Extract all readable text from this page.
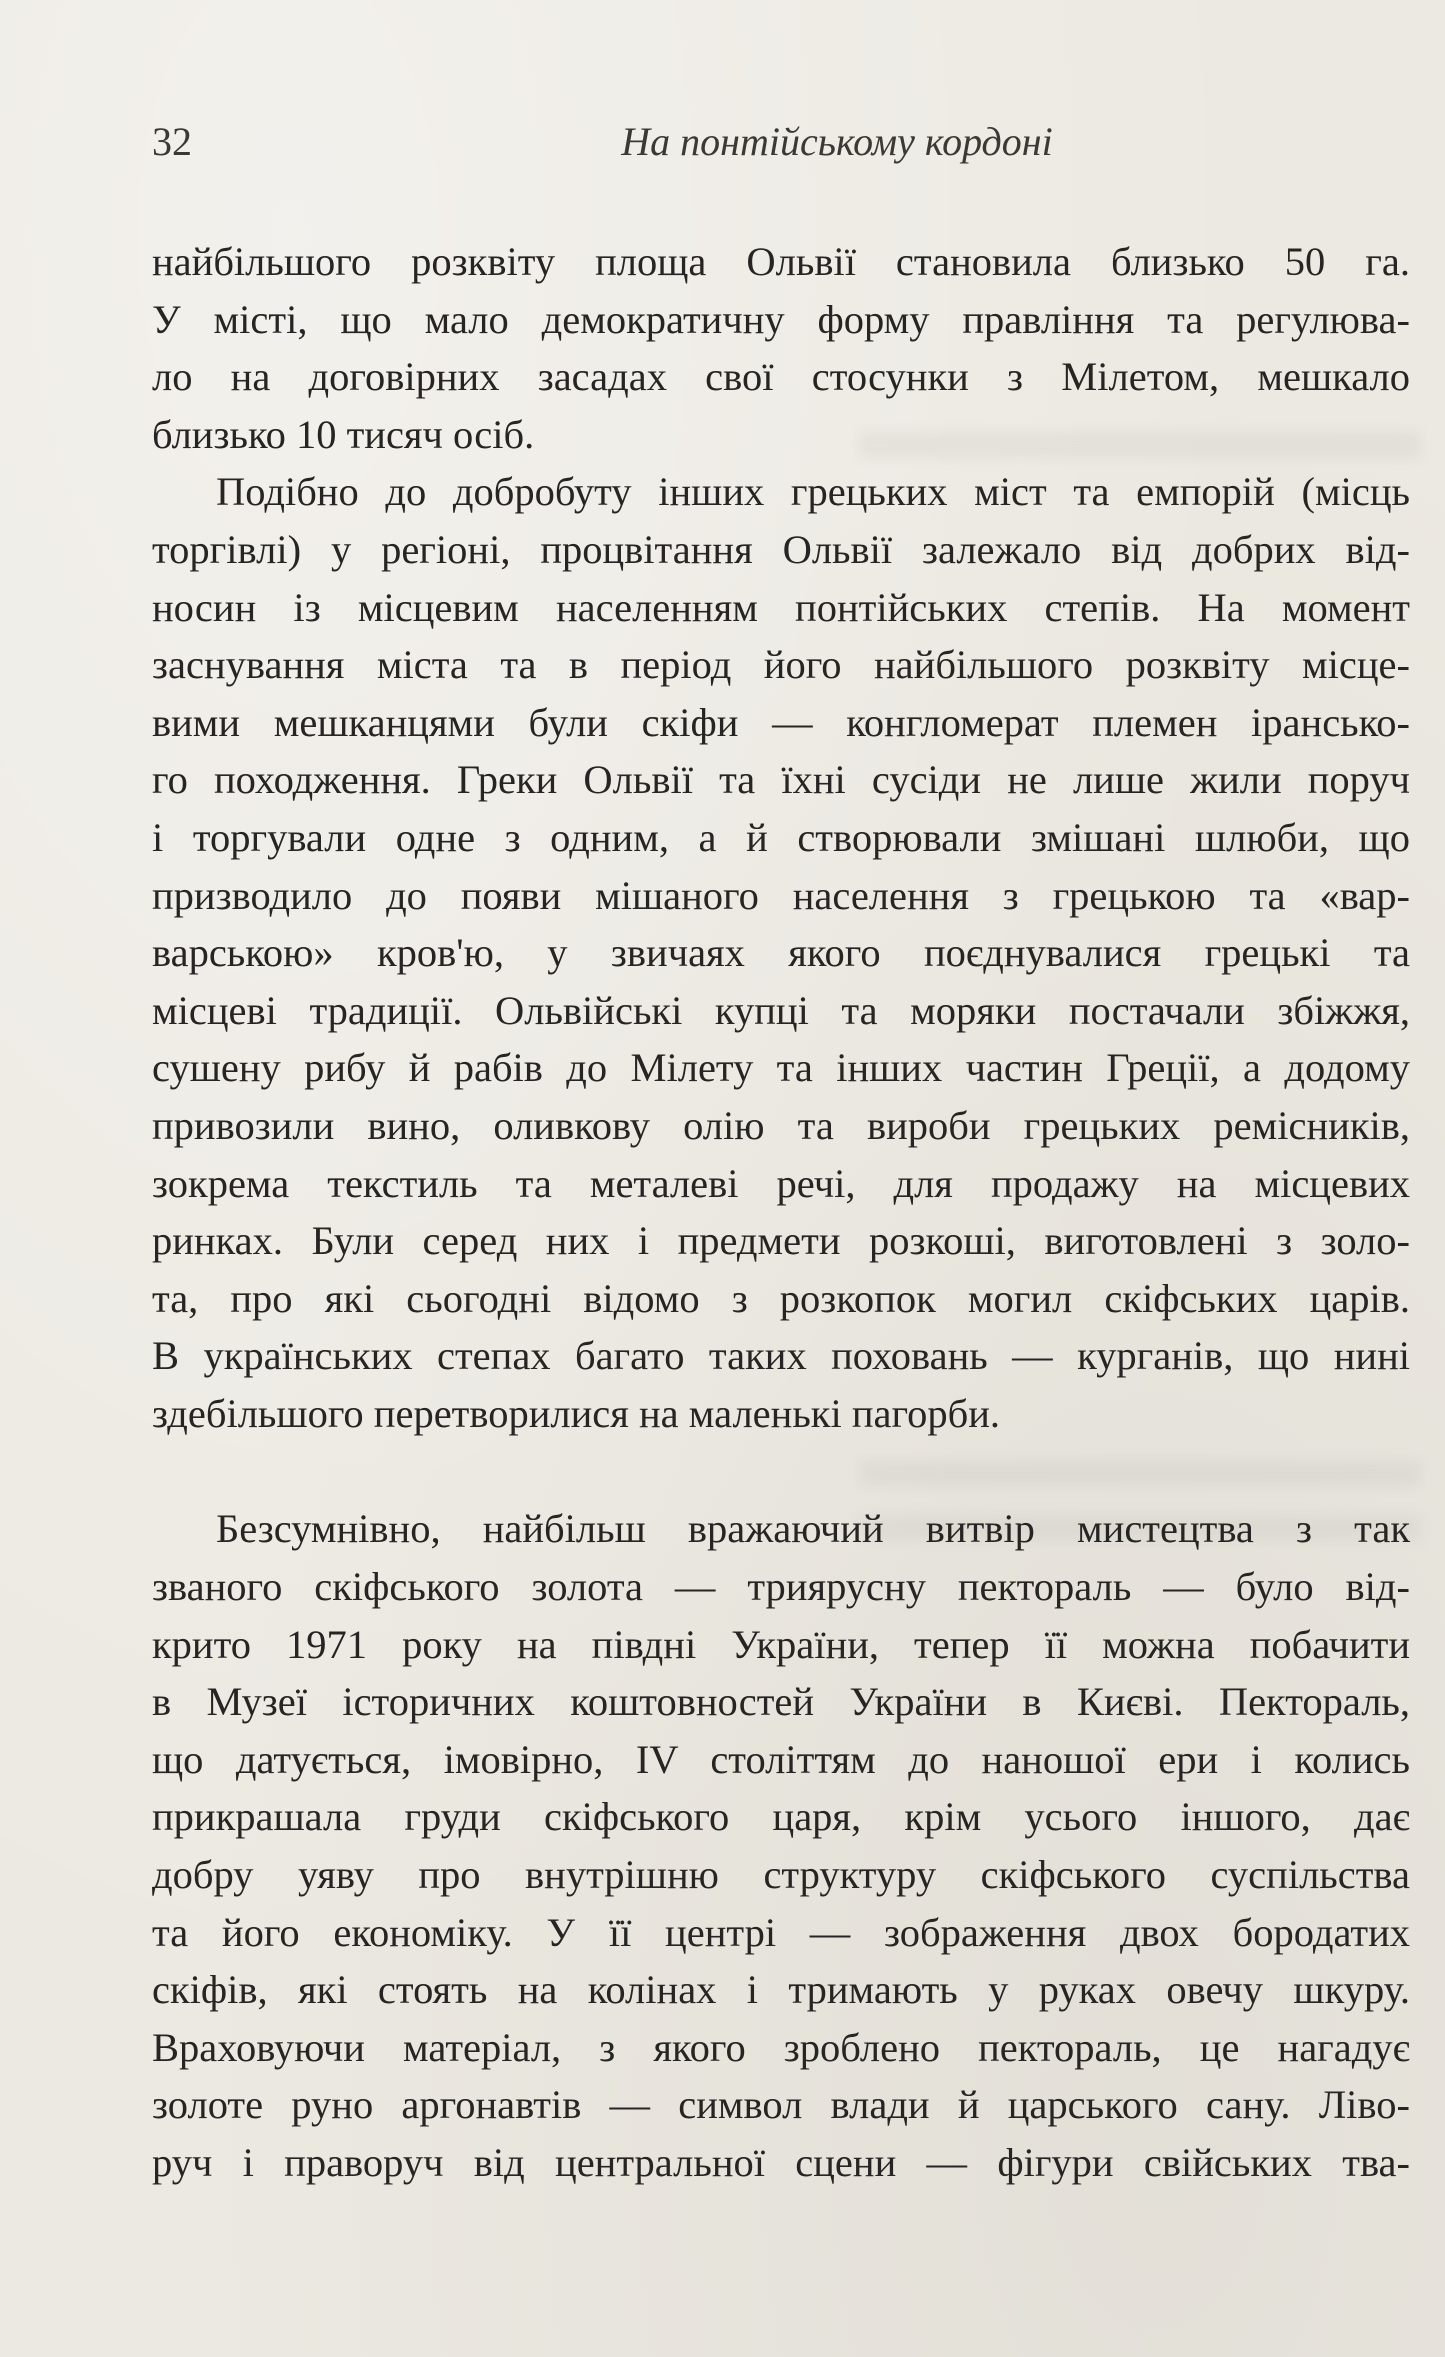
32	На понтійському кордоні
найбільшого розквіту площа Ольвії становила близько 50 га.
У місті, що мало демократичну форму правління та регулюва-
ло на договірних засадах свої стосунки з Мілетом, мешкало
близько 10 тисяч осіб.
Подібно до добробуту інших грецьких міст та емпорій (місць
торгівлі) у регіоні, процвітання Ольвії залежало від добрих від-
носин із місцевим населенням понтійських степів. На момент
заснування міста та в період його найбільшого розквіту місце-
вими мешканцями були скіфи — конгломерат племен ірансько-
го походження. Греки Ольвії та їхні сусіди не лише жили поруч
і торгували одне з одним, а й створювали змішані шлюби, що
призводило до появи мішаного населення з грецькою та «вар-
варською» кров'ю, у звичаях якого поєднувалися грецькі та
місцеві традиції. Ольвійські купці та моряки постачали збіжжя,
сушену рибу й рабів до Мілету та інших частин Греції, а додому
привозили вино, оливкову олію та вироби грецьких ремісників,
зокрема текстиль та металеві речі, для продажу на місцевих
ринках. Були серед них і предмети розкоші, виготовлені з золо-
та, про які сьогодні відомо з розкопок могил скіфських царів.
В українських степах багато таких поховань — курганів, що нині
здебільшого перетворилися на маленькі пагорби.
Безсумнівно, найбільш вражаючий витвір мистецтва з так
званого скіфського золота — триярусну пектораль — було від-
крито 1971 року на півдні України, тепер її можна побачити
в Музеї історичних коштовностей України в Києві. Пектораль,
що датується, імовірно, IV століттям до наношої ери і колись
прикрашала груди скіфського царя, крім усього іншого, дає
добру уяву про внутрішню структуру скіфського суспільства
та його економіку. У її центрі — зображення двох бородатих
скіфів, які стоять на колінах і тримають у руках овечу шкуру.
Враховуючи матеріал, з якого зроблено пектораль, це нагадує
золоте руно аргонавтів — символ влади й царського сану. Ліво-
руч і праворуч від центральної сцени — фігури свійських тва-
